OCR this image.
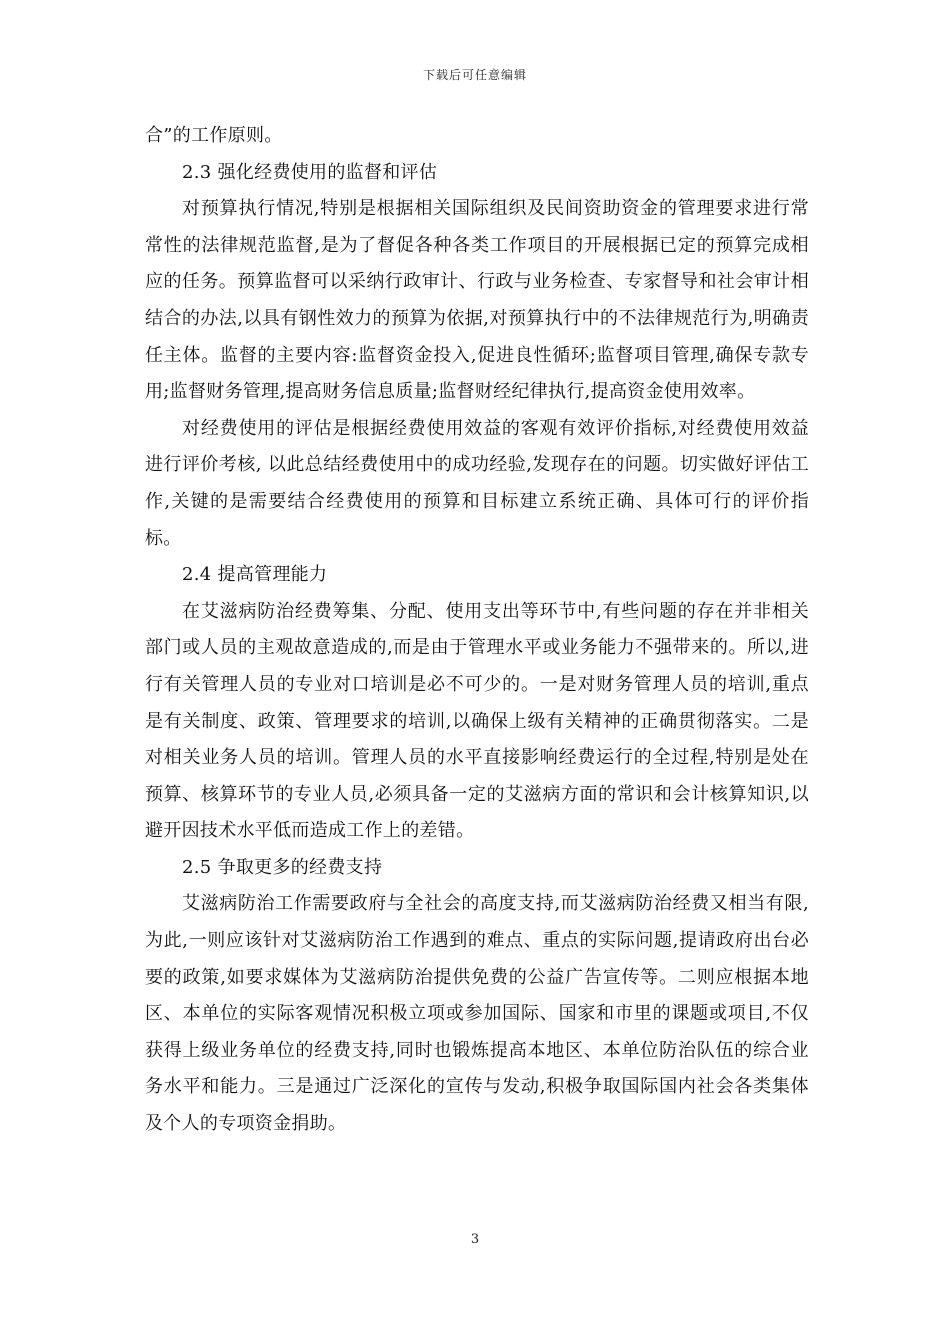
下载后可任意编辑

合”的工作原则。

2.3 强化经费使用的监督和评估

对预算执行情况,特别是根据相关国际组织及民间资助资金的管理要求进行常常性的法律规范监督,是为了督促各种各类工作项目的开展根据已定的预算完成相应的任务。预算监督可以采纳行政审计、行政与业务检查、专家督导和社会审计相结合的办法,以具有钢性效力的预算为依据,对预算执行中的不法律规范行为,明确责任主体。监督的主要内容:监督资金投入,促进良性循环;监督项目管理,确保专款专用;监督财务管理,提高财务信息质量;监督财经纪律执行,提高资金使用效率。

对经费使用的评估是根据经费使用效益的客观有效评价指标,对经费使用效益进行评价考核, 以此总结经费使用中的成功经验,发现存在的问题。切实做好评估工作,关键的是需要结合经费使用的预算和目标建立系统正确、具体可行的评价指标。

2.4 提高管理能力

在艾滋病防治经费筹集、分配、使用支出等环节中,有些问题的存在并非相关部门或人员的主观故意造成的,而是由于管理水平或业务能力不强带来的。所以,进行有关管理人员的专业对口培训是必不可少的。一是对财务管理人员的培训,重点是有关制度、政策、管理要求的培训,以确保上级有关精神的正确贯彻落实。二是对相关业务人员的培训。管理人员的水平直接影响经费运行的全过程,特别是处在预算、核算环节的专业人员,必须具备一定的艾滋病方面的常识和会计核算知识,以避开因技术水平低而造成工作上的差错。

2.5 争取更多的经费支持

艾滋病防治工作需要政府与全社会的高度支持,而艾滋病防治经费又相当有限,为此,一则应该针对艾滋病防治工作遇到的难点、重点的实际问题,提请政府出台必要的政策,如要求媒体为艾滋病防治提供免费的公益广告宣传等。二则应根据本地区、本单位的实际客观情况积极立项或参加国际、国家和市里的课题或项目,不仅获得上级业务单位的经费支持,同时也锻炼提高本地区、本单位防治队伍的综合业务水平和能力。三是通过广泛深化的宣传与发动,积极争取国际国内社会各类集体及个人的专项资金捐助。

3
